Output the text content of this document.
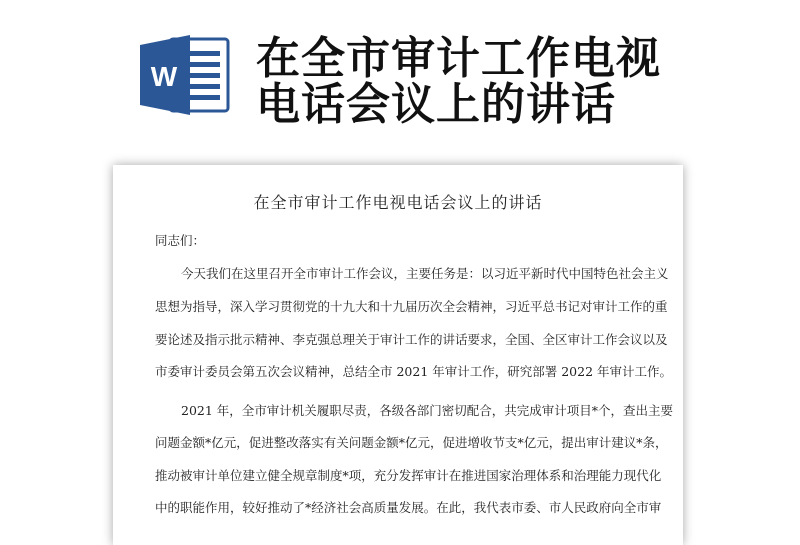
W 在全市审计工作电视
电话会议上的讲话
在全市审计工作电视电话会议上的讲话
同志们：
今天我们在这里召开全市审计工作会议，主要任务是：以习近平新时代中国特色社会主义
思想为指导，深入学习贯彻党的十九大和十九届历次全会精神，习近平总书记对审计工作的重
要论述及指示批示精神、李克强总理关于审计工作的讲话要求，全国、全区审计工作会议以及
市委审计委员会第五次会议精神，总结全市 2021 年审计工作，研究部署 2022 年审计工作。
2021 年，全市审计机关履职尽责，各级各部门密切配合，共完成审计项目*个，查出主要
问题金额*亿元，促进整改落实有关问题金额*亿元，促进增收节支*亿元，提出审计建议*条，
推动被审计单位建立健全规章制度*项，充分发挥审计在推进国家治理体系和治理能力现代化
中的职能作用，较好推动了*经济社会高质量发展。在此，我代表市委、市人民政府向全市审
